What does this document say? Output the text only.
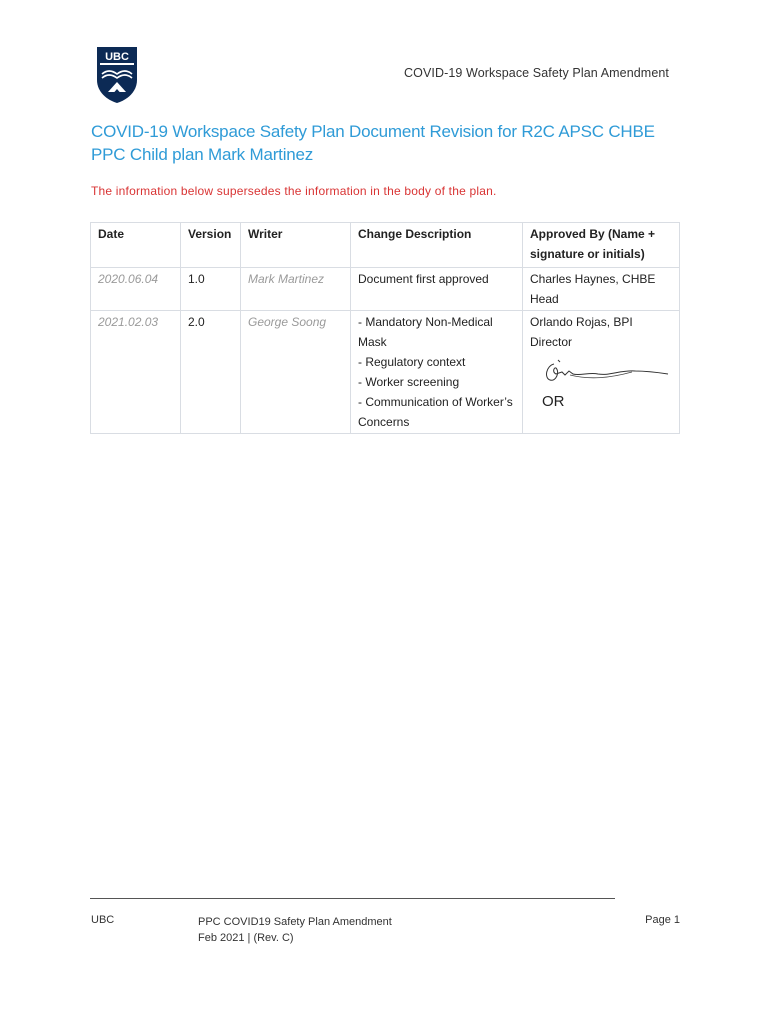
UBC
COVID-19 Workspace Safety Plan Amendment
COVID-19 Workspace Safety Plan Document Revision for R2C APSC CHBE PPC Child plan Mark Martinez
The information below supersedes the information in the body of the plan.
Date	Version	Writer	Change Description	Approved By (Name + signature or initials)
2020.06.04	1.0	Mark Martinez	Document first approved	Charles Haynes, CHBE Head
2021.02.03	2.0	George Soong	- Mandatory Non-Medical Mask
- Regulatory context
- Worker screening
- Communication of Worker’s Concerns	Orlando Rojas, BPI Director
OR
UBC	PPC COVID19 Safety Plan Amendment
Feb 2021 | (Rev. C)
Page 1
